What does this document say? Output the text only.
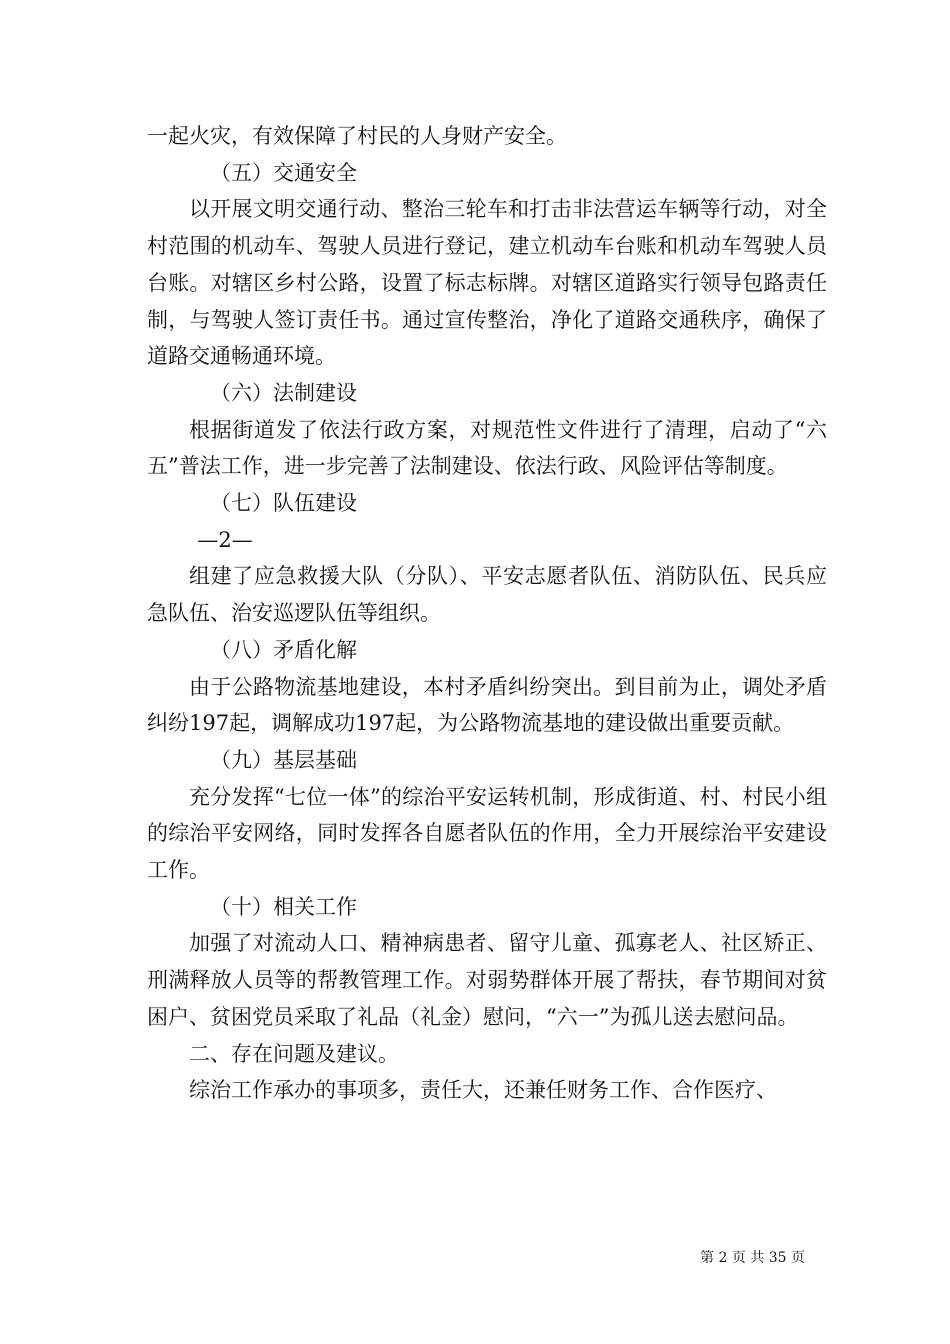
一起火灾，有效保障了村民的人身财产安全。

（五）交通安全

以开展文明交通行动、整治三轮车和打击非法营运车辆等行动，对全村范围的机动车、驾驶人员进行登记，建立机动车台账和机动车驾驶人员台账。对辖区乡村公路，设置了标志标牌。对辖区道路实行领导包路责任制，与驾驶人签订责任书。通过宣传整治，净化了道路交通秩序，确保了道路交通畅通环境。

（六）法制建设

根据街道发了依法行政方案，对规范性文件进行了清理，启动了“六五”普法工作，进一步完善了法制建设、依法行政、风险评估等制度。

（七）队伍建设

—2—

组建了应急救援大队（分队）、平安志愿者队伍、消防队伍、民兵应急队伍、治安巡逻队伍等组织。

（八）矛盾化解

由于公路物流基地建设，本村矛盾纠纷突出。到目前为止，调处矛盾纠纷197起，调解成功197起，为公路物流基地的建设做出重要贡献。

（九）基层基础

充分发挥“七位一体”的综治平安运转机制，形成街道、村、村民小组的综治平安网络，同时发挥各自愿者队伍的作用，全力开展综治平安建设工作。

（十）相关工作

加强了对流动人口、精神病患者、留守儿童、孤寡老人、社区矫正、刑满释放人员等的帮教管理工作。对弱势群体开展了帮扶，春节期间对贫困户、贫困党员采取了礼品（礼金）慰问，“六一”为孤儿送去慰问品。

二、存在问题及建议。

综治工作承办的事项多，责任大，还兼任财务工作、合作医疗、

第 2 页 共 35 页
